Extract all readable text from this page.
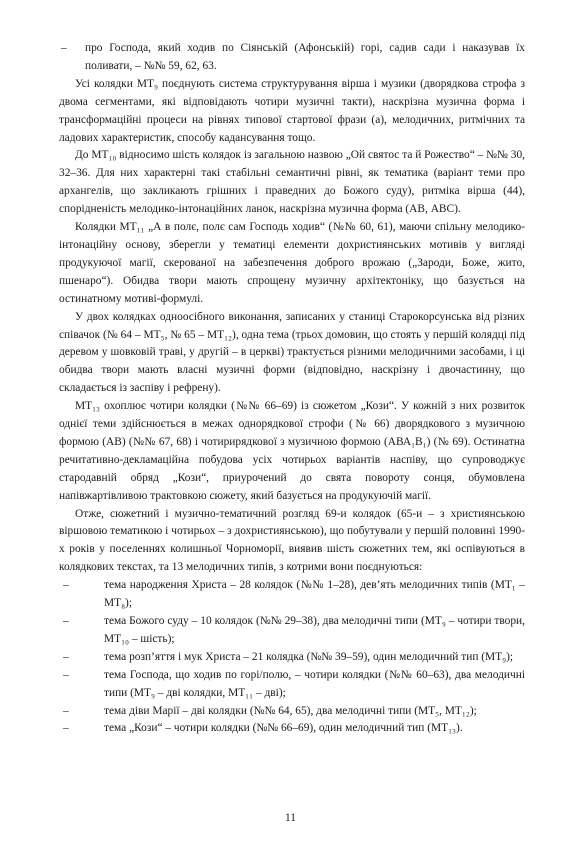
–	про Господа, який ходив по Сіянській (Афонській) горі, садив сади і наказував їх поливати, – №№ 59, 62, 63.

Усі колядки МТ₉ поєднують система структурування вірша і музики (дворядкова строфа з двома сегментами, які відповідають чотири музичні такти), наскрізна музична форма і трансформаційні процеси на рівнях типової стартової фрази (а), мелодичних, ритмічних та ладових характеристик, способу кадансування тощо.

До МТ₁₀ відносимо шість колядок із загальною назвою „Ой святос та й Рожество“ – №№ 30, 32–36. Для них характерні такі стабільні семантичні рівні, як тематика (варіант теми про архангелів, що закликають грішних і праведних до Божого суду), ритміка вірша (44), спорідненість мелодико-інтонаційних ланок, наскрізна музична форма (АВ, АВС).

Колядки МТ₁₁ „А в полє, полє сам Господь ходив“ (№№ 60, 61), маючи спільну мелодико-інтонаційну основу, зберегли у тематиці елементи дохристиянських мотивів у вигляді продукуючої магії, скерованої на забезпечення доброго врожаю („Зароди, Боже, жито, пшенаро“). Обидва твори мають спрощену музичну архітектоніку, що базується на остинатному мотиві-формулі.

У двох колядках одноосібного виконання, записаних у станиці Старокорсунська від різних співачок (№ 64 – МТ₅, № 65 – МТ₁₂), одна тема (трьох домовин, що стоять у першій колядці під деревом у шовковій траві, у другій – в церкві) трактується різними мелодичними засобами, і ці обидва твори мають власні музичні форми (відповідно, наскрізну і двочастинну, що складається із заспіву і рефрену).

МТ₁₃ охоплює чотири колядки (№№ 66–69) із сюжетом „Кози“. У кожній з них розвиток однієї теми здійснюється в межах однорядкової строфи (№ 66) дворядкового з музичною формою (АВ) (№№ 67, 68) і чотирирядкової з музичною формою (АВА₁В₁) (№ 69). Остинатна речитативно-декламаційна побудова усіх чотирьох варіантів наспіву, що супроводжує стародавній обряд „Кози“, приурочений до свята повороту сонця, обумовлена напівжартівливою трактовкою сюжету, який базується на продукуючій магії.

Отже, сюжетний і музично-тематичний розгляд 69-и колядок (65-и – з християнською віршовою тематикою і чотирьох – з дохристиянською), що побутували у першій половині 1990-х років у поселеннях колишньої Чорноморії, виявив шість сюжетних тем, які оспівуються в колядкових текстах, та 13 мелодичних типів, з котрими вони поєднуються:

–	тема народження Христа – 28 колядок (№№ 1–28), дев’ять мелодичних типів (МТ₁ – МТ₈);
–	тема Божого суду – 10 колядок (№№ 29–38), два мелодичні типи (МТ₉ – чотири твори, МТ₁₀ – шість);
–	тема розп’яття і мук Христа – 21 колядка (№№ 39–59), один мелодичний тип (МТ₉);
–	тема Господа, що ходив по горі/полю, – чотири колядки (№№ 60–63), два мелодичні типи (МТ₉ – дві колядки, МТ₁₁ – дві);
–	тема діви Марії – дві колядки (№№ 64, 65), два мелодичні типи (МТ₅, МТ₁₂);
–	тема „Кози“ – чотири колядки (№№ 66–69), один мелодичний тип (МТ₁₃).
11
